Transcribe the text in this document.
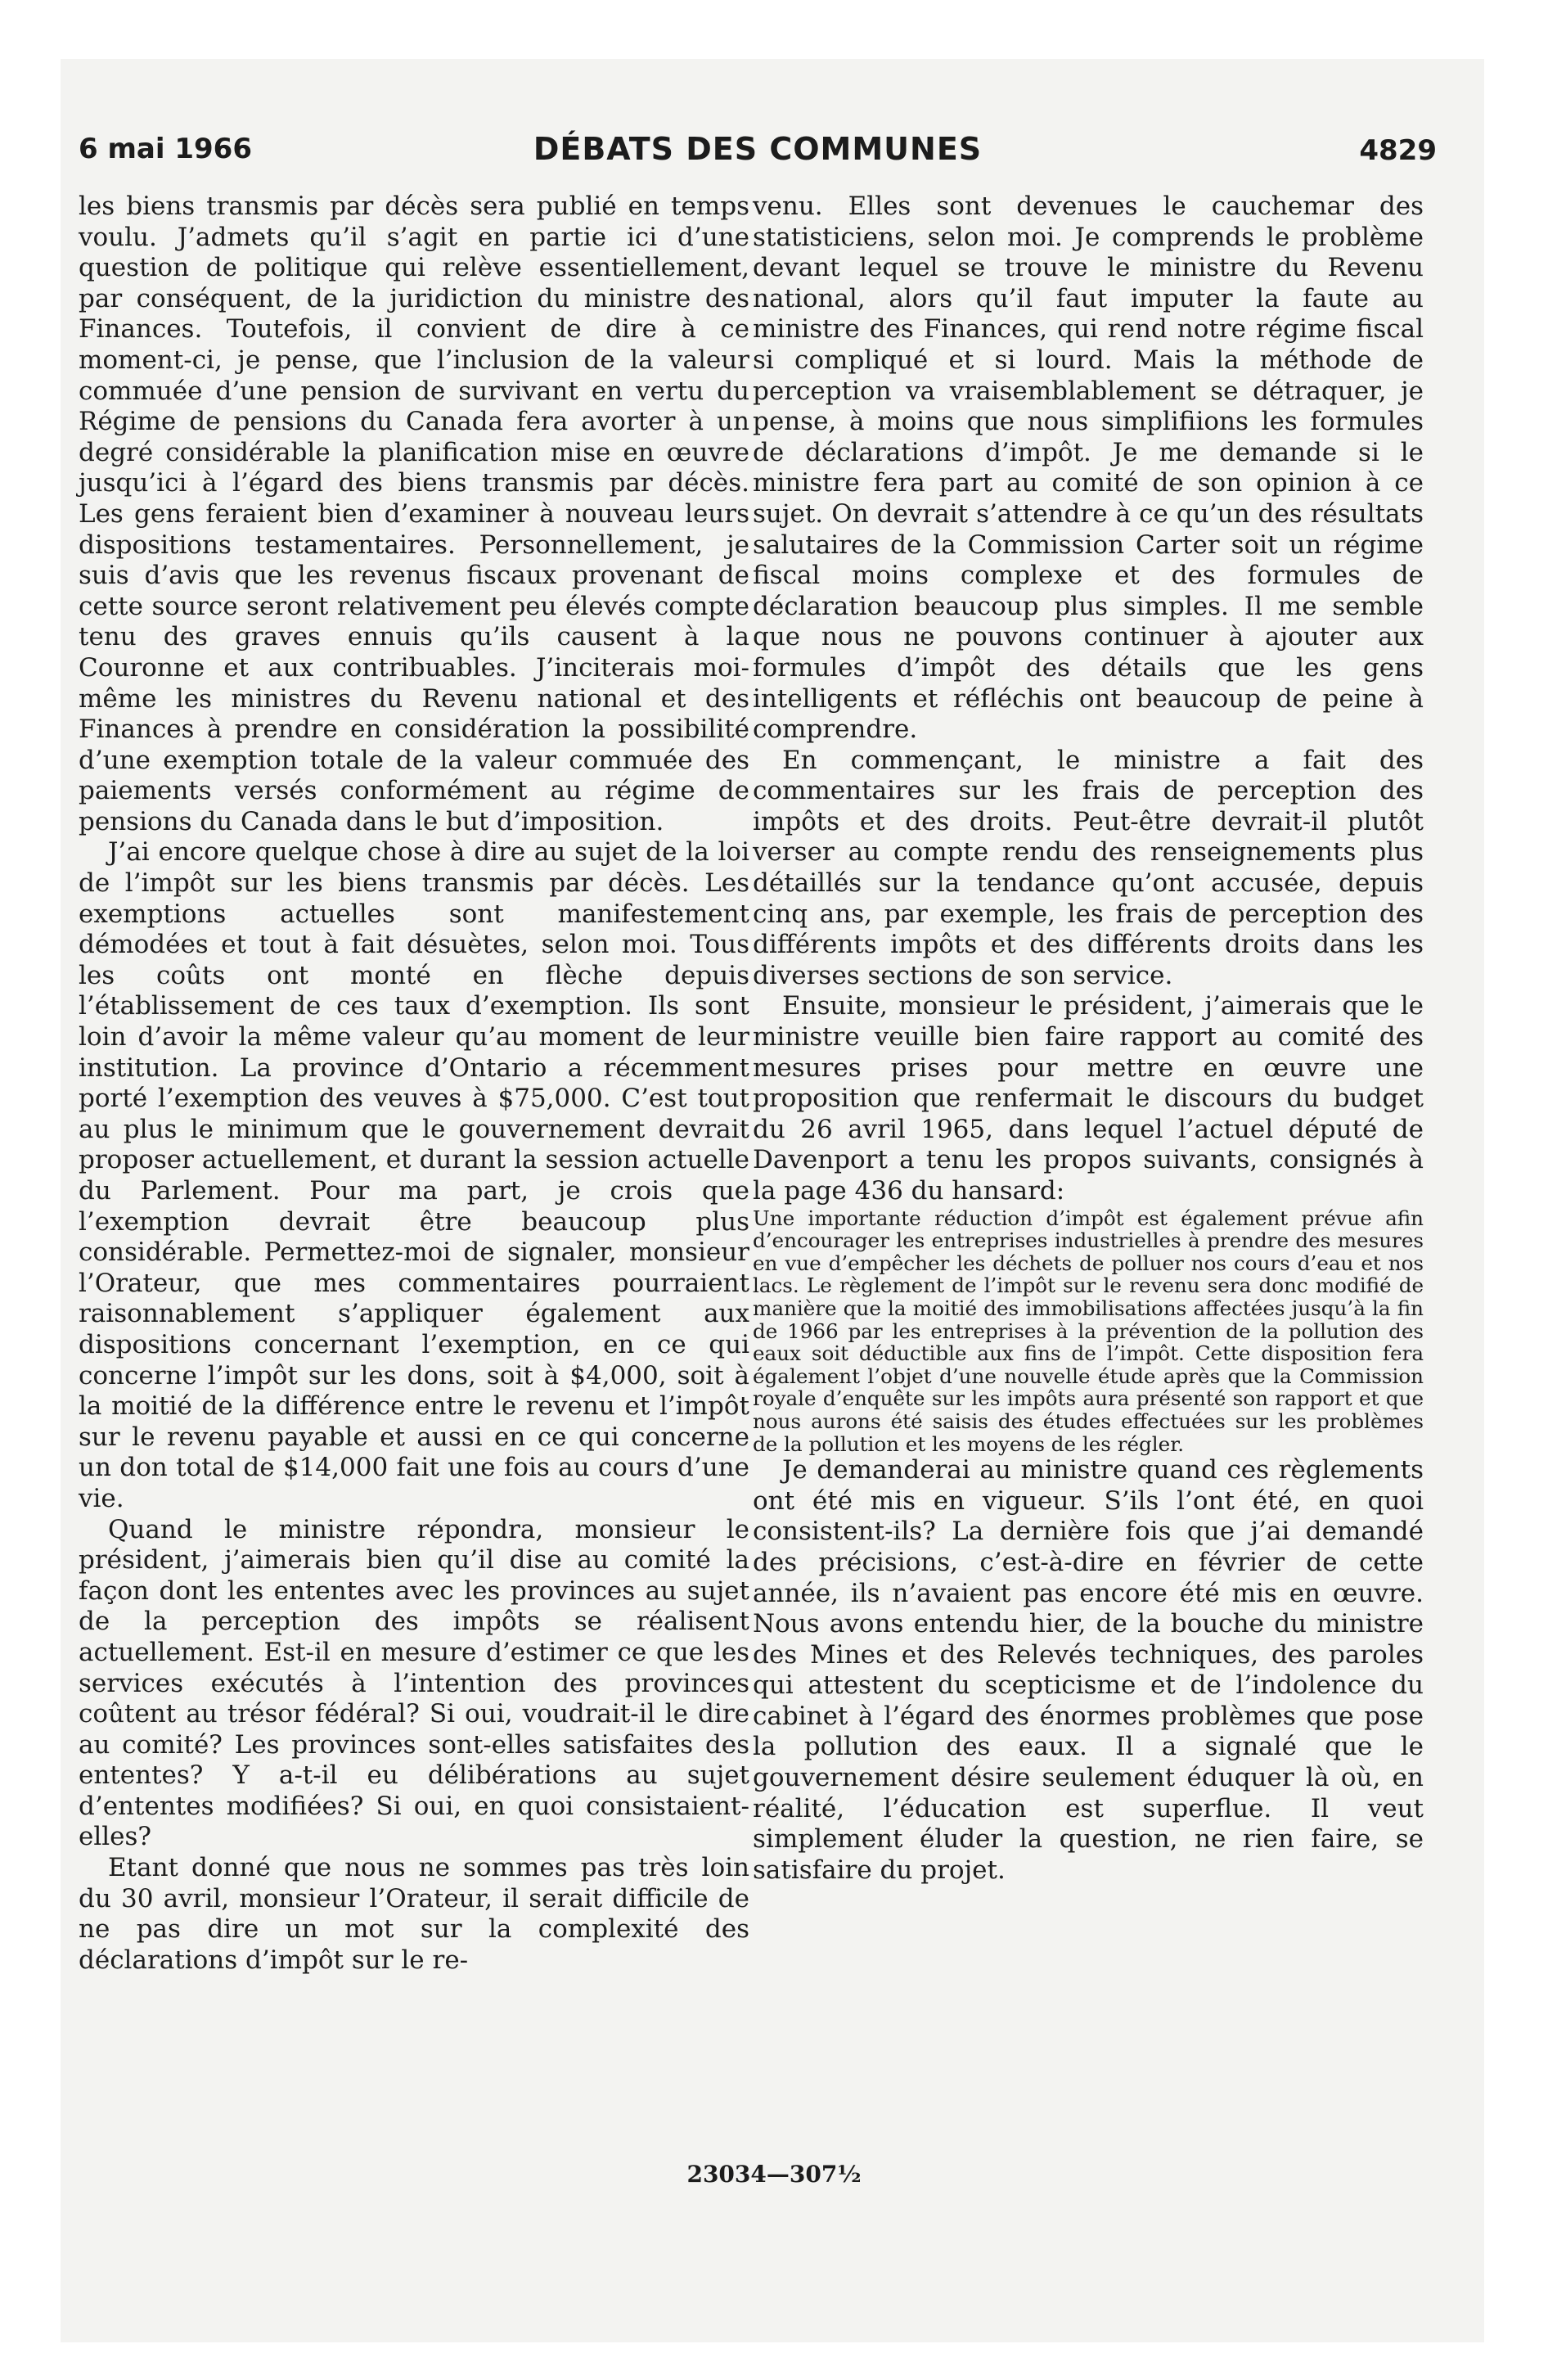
6 mai 1966	DÉBATS DES COMMUNES	4829

les biens transmis par décès sera publié en temps voulu. J’admets qu’il s’agit en partie ici d’une question de politique qui relève essentiellement, par conséquent, de la juridiction du ministre des Finances. Toutefois, il convient de dire à ce moment-ci, je pense, que l’inclusion de la valeur commuée d’une pension de survivant en vertu du Régime de pensions du Canada fera avorter à un degré considérable la planification mise en œuvre jusqu’ici à l’égard des biens transmis par décès. Les gens feraient bien d’examiner à nouveau leurs dispositions testamentaires. Personnellement, je suis d’avis que les revenus fiscaux provenant de cette source seront relativement peu élevés compte tenu des graves ennuis qu’ils causent à la Couronne et aux contribuables. J’inciterais moi-même les ministres du Revenu national et des Finances à prendre en considération la possibilité d’une exemption totale de la valeur commuée des paiements versés conformément au régime de pensions du Canada dans le but d’imposition.

J’ai encore quelque chose à dire au sujet de la loi de l’impôt sur les biens transmis par décès. Les exemptions actuelles sont manifestement démodées et tout à fait désuètes, selon moi. Tous les coûts ont monté en flèche depuis l’établissement de ces taux d’exemption. Ils sont loin d’avoir la même valeur qu’au moment de leur institution. La province d’Ontario a récemment porté l’exemption des veuves à $75,000. C’est tout au plus le minimum que le gouvernement devrait proposer actuellement, et durant la session actuelle du Parlement. Pour ma part, je crois que l’exemption devrait être beaucoup plus considérable. Permettez-moi de signaler, monsieur l’Orateur, que mes commentaires pourraient raisonnablement s’appliquer également aux dispositions concernant l’exemption, en ce qui concerne l’impôt sur les dons, soit à $4,000, soit à la moitié de la différence entre le revenu et l’impôt sur le revenu payable et aussi en ce qui concerne un don total de $14,000 fait une fois au cours d’une vie.

Quand le ministre répondra, monsieur le président, j’aimerais bien qu’il dise au comité la façon dont les ententes avec les provinces au sujet de la perception des impôts se réalisent actuellement. Est-il en mesure d’estimer ce que les services exécutés à l’intention des provinces coûtent au trésor fédéral? Si oui, voudrait-il le dire au comité? Les provinces sont-elles satisfaites des ententes? Y a-t-il eu délibérations au sujet d’ententes modifiées? Si oui, en quoi consistaient-elles?

Etant donné que nous ne sommes pas très loin du 30 avril, monsieur l’Orateur, il serait difficile de ne pas dire un mot sur la complexité des déclarations d’impôt sur le re-

venu. Elles sont devenues le cauchemar des statisticiens, selon moi. Je comprends le problème devant lequel se trouve le ministre du Revenu national, alors qu’il faut imputer la faute au ministre des Finances, qui rend notre régime fiscal si compliqué et si lourd. Mais la méthode de perception va vraisemblablement se détraquer, je pense, à moins que nous simplifiions les formules de déclarations d’impôt. Je me demande si le ministre fera part au comité de son opinion à ce sujet. On devrait s’attendre à ce qu’un des résultats salutaires de la Commission Carter soit un régime fiscal moins complexe et des formules de déclaration beaucoup plus simples. Il me semble que nous ne pouvons continuer à ajouter aux formules d’impôt des détails que les gens intelligents et réfléchis ont beaucoup de peine à comprendre.

En commençant, le ministre a fait des commentaires sur les frais de perception des impôts et des droits. Peut-être devrait-il plutôt verser au compte rendu des renseignements plus détaillés sur la tendance qu’ont accusée, depuis cinq ans, par exemple, les frais de perception des différents impôts et des différents droits dans les diverses sections de son service.

Ensuite, monsieur le président, j’aimerais que le ministre veuille bien faire rapport au comité des mesures prises pour mettre en œuvre une proposition que renfermait le discours du budget du 26 avril 1965, dans lequel l’actuel député de Davenport a tenu les propos suivants, consignés à la page 436 du hansard:

Une importante réduction d’impôt est également prévue afin d’encourager les entreprises industrielles à prendre des mesures en vue d’empêcher les déchets de polluer nos cours d’eau et nos lacs. Le règlement de l’impôt sur le revenu sera donc modifié de manière que la moitié des immobilisations affectées jusqu’à la fin de 1966 par les entreprises à la prévention de la pollution des eaux soit déductible aux fins de l’impôt. Cette disposition fera également l’objet d’une nouvelle étude après que la Commission royale d’enquête sur les impôts aura présenté son rapport et que nous aurons été saisis des études effectuées sur les problèmes de la pollution et les moyens de les régler.

Je demanderai au ministre quand ces règlements ont été mis en vigueur. S’ils l’ont été, en quoi consistent-ils? La dernière fois que j’ai demandé des précisions, c’est-à-dire en février de cette année, ils n’avaient pas encore été mis en œuvre. Nous avons entendu hier, de la bouche du ministre des Mines et des Relevés techniques, des paroles qui attestent du scepticisme et de l’indolence du cabinet à l’égard des énormes problèmes que pose la pollution des eaux. Il a signalé que le gouvernement désire seulement éduquer là où, en réalité, l’éducation est superflue. Il veut simplement éluder la question, ne rien faire, se satisfaire du projet.

23034—307½
